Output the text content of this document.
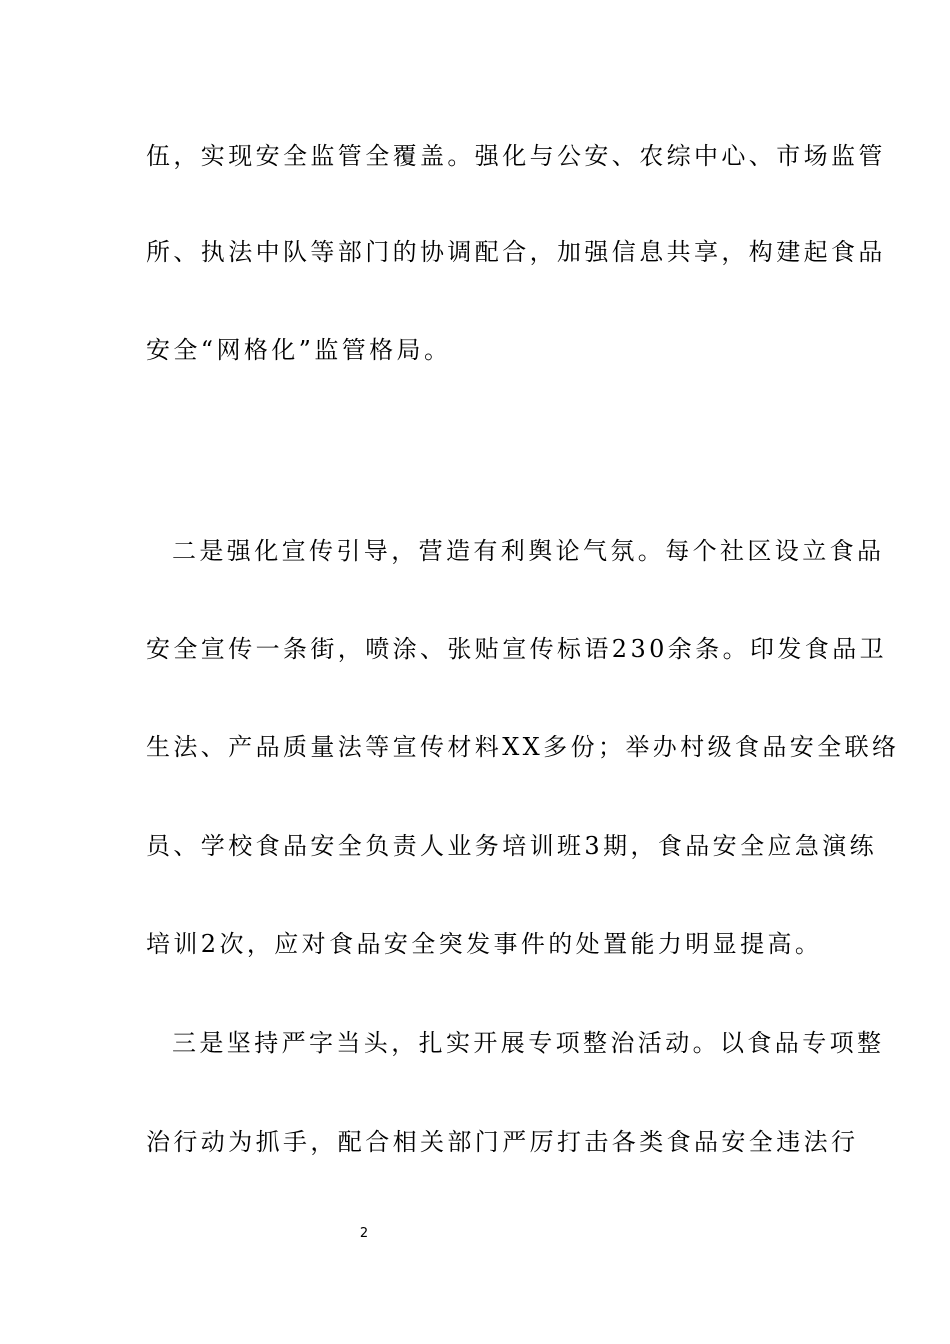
伍，实现安全监管全覆盖。强化与公安、农综中心、市场监管
所、执法中队等部门的协调配合，加强信息共享，构建起食品
安全“网格化”监管格局。
二是强化宣传引导，营造有利舆论气氛。每个社区设立食品
安全宣传一条街，喷涂、张贴宣传标语230余条。印发食品卫
生法、产品质量法等宣传材料XX多份；举办村级食品安全联络
员、学校食品安全负责人业务培训班3期，食品安全应急演练
培训2次，应对食品安全突发事件的处置能力明显提高。
三是坚持严字当头，扎实开展专项整治活动。以食品专项整
治行动为抓手，配合相关部门严厉打击各类食品安全违法行
2
